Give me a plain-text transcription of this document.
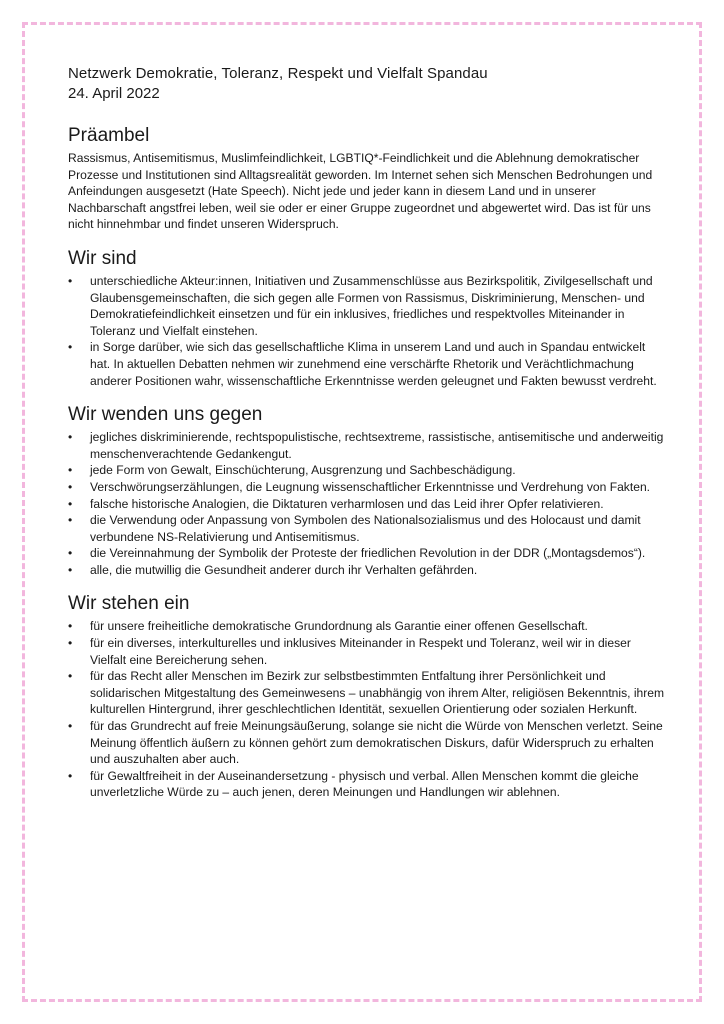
Netzwerk Demokratie, Toleranz, Respekt und Vielfalt Spandau

24. April 2022

Präambel

Rassismus, Antisemitismus, Muslimfeindlichkeit, LGBTIQ*-Feindlichkeit und die Ablehnung demokratischer Prozesse und Institutionen sind Alltagsrealität geworden. Im Internet sehen sich Menschen Bedrohungen und Anfeindungen ausgesetzt (Hate Speech). Nicht jede und jeder kann in diesem Land und in unserer Nachbarschaft angstfrei leben, weil sie oder er einer Gruppe zugeordnet und abgewertet wird. Das ist für uns nicht hinnehmbar und findet unseren Widerspruch.

Wir sind
• unterschiedliche Akteur:innen, Initiativen und Zusammenschlüsse aus Bezirkspolitik, Zivilgesellschaft und Glaubensgemeinschaften, die sich gegen alle Formen von Rassismus, Diskriminierung, Menschen- und Demokratiefeindlichkeit einsetzen und für ein inklusives, friedliches und respektvolles Miteinander in Toleranz und Vielfalt einstehen.
• in Sorge darüber, wie sich das gesellschaftliche Klima in unserem Land und auch in Spandau entwickelt hat. In aktuellen Debatten nehmen wir zunehmend eine verschärfte Rhetorik und Verächtlichmachung anderer Positionen wahr, wissenschaftliche Erkenntnisse werden geleugnet und Fakten bewusst verdreht.
Wir wenden uns gegen
• jegliches diskriminierende, rechtspopulistische, rechtsextreme, rassistische, antisemitische und anderweitig menschenverachtende Gedankengut.
• jede Form von Gewalt, Einschüchterung, Ausgrenzung und Sachbeschädigung.
• Verschwörungserzählungen, die Leugnung wissenschaftlicher Erkenntnisse und Verdrehung von Fakten.
• falsche historische Analogien, die Diktaturen verharmlosen und das Leid ihrer Opfer relativieren.
• die Verwendung oder Anpassung von Symbolen des Nationalsozialismus und des Holocaust und damit verbundene NS-Relativierung und Antisemitismus.
• die Vereinnahmung der Symbolik der Proteste der friedlichen Revolution in der DDR („Montagsdemos“).
• alle, die mutwillig die Gesundheit anderer durch ihr Verhalten gefährden.
Wir stehen ein
• für unsere freiheitliche demokratische Grundordnung als Garantie einer offenen Gesellschaft.
• für ein diverses, interkulturelles und inklusives Miteinander in Respekt und Toleranz, weil wir in dieser Vielfalt eine Bereicherung sehen.
• für das Recht aller Menschen im Bezirk zur selbstbestimmten Entfaltung ihrer Persönlichkeit und solidarischen Mitgestaltung des Gemeinwesens – unabhängig von ihrem Alter, religiösen Bekenntnis, ihrem kulturellen Hintergrund, ihrer geschlechtlichen Identität, sexuellen Orientierung oder sozialen Herkunft.
• für das Grundrecht auf freie Meinungsäußerung, solange sie nicht die Würde von Menschen verletzt. Seine Meinung öffentlich äußern zu können gehört zum demokratischen Diskurs, dafür Widerspruch zu erhalten und auszuhalten aber auch.
• für Gewaltfreiheit in der Auseinandersetzung - physisch und verbal. Allen Menschen kommt die gleiche unverletzliche Würde zu – auch jenen, deren Meinungen und Handlungen wir ablehnen.
